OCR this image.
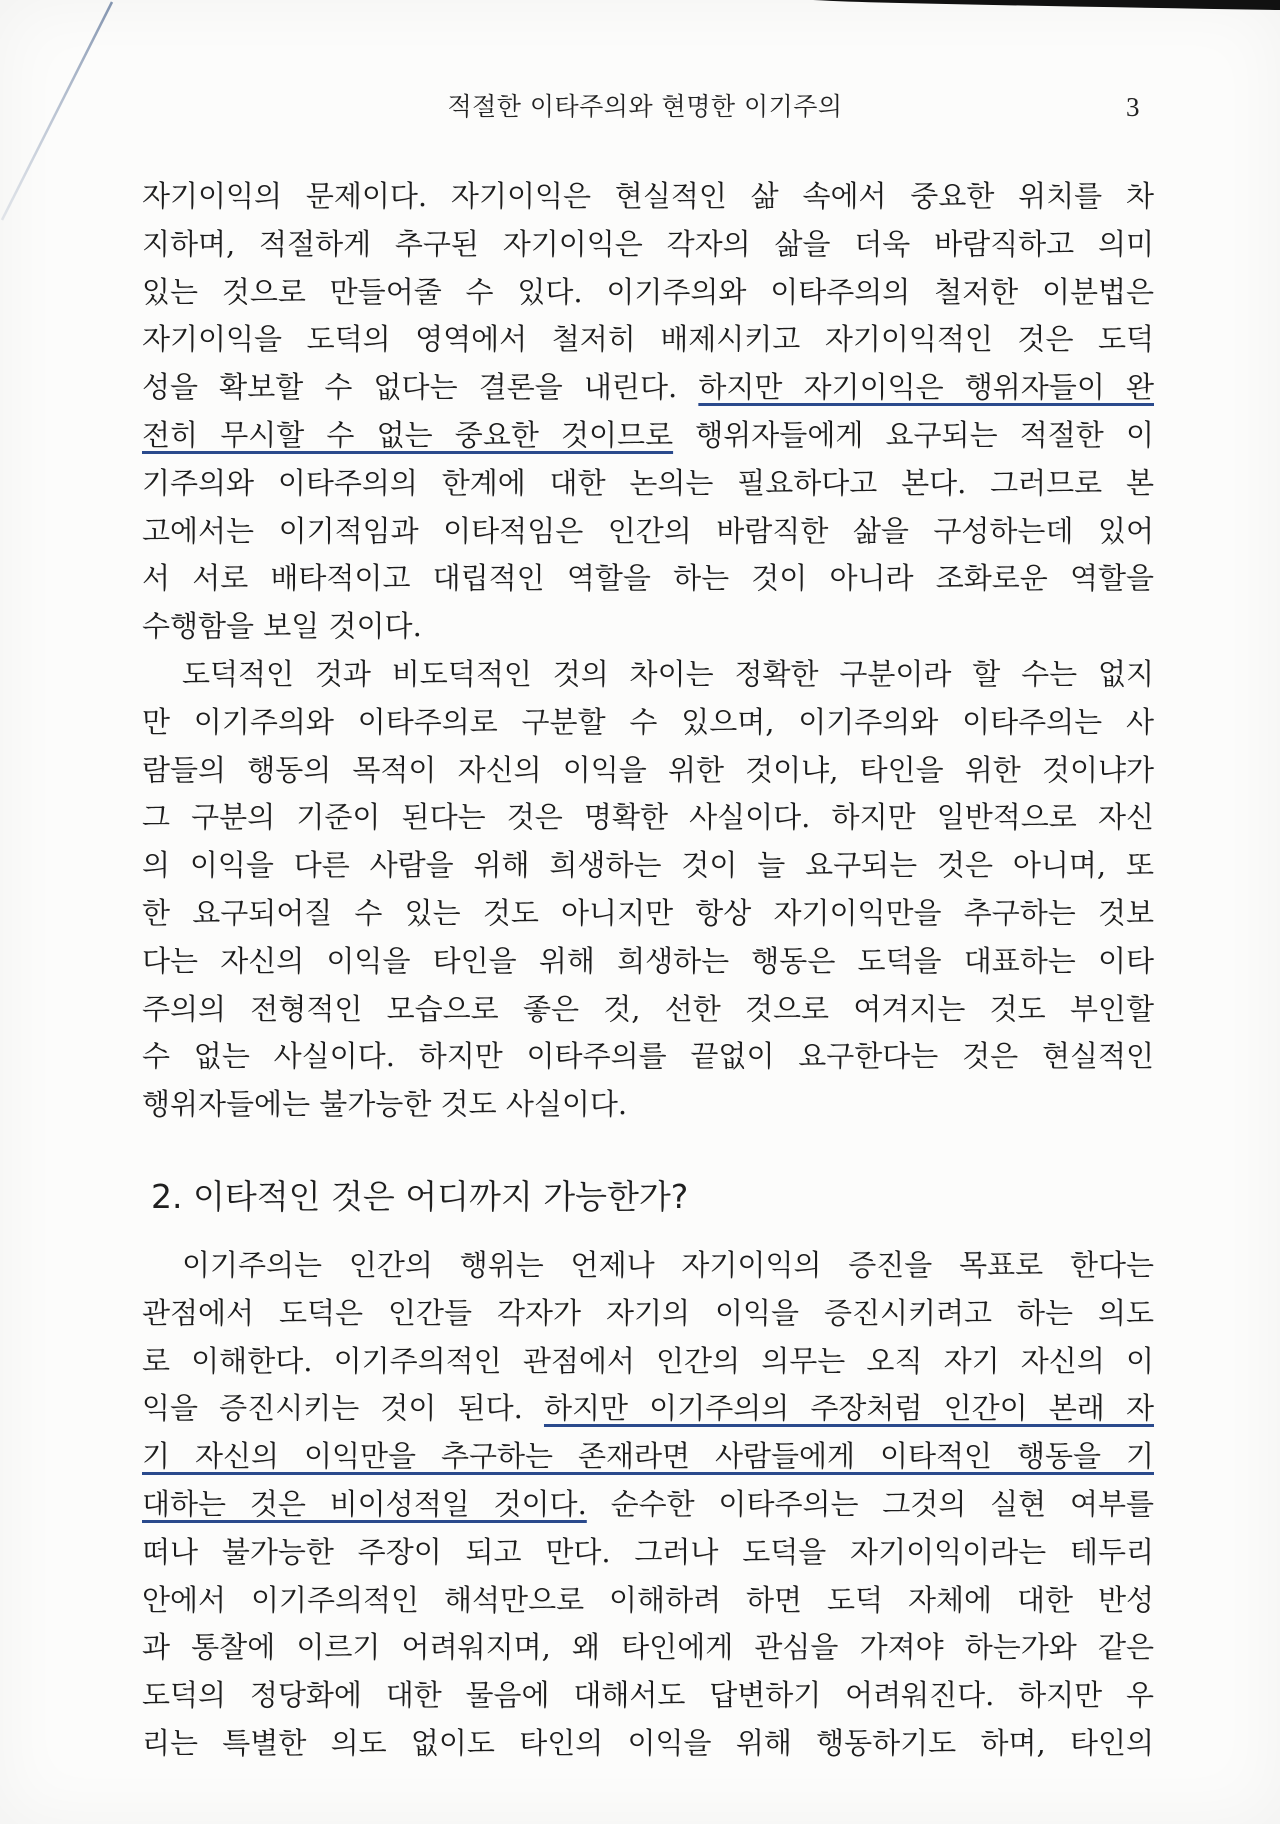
적절한 이타주의와 현명한 이기주의	3
자기이익의 문제이다. 자기이익은 현실적인 삶 속에서 중요한 위치를 차
지하며, 적절하게 추구된 자기이익은 각자의 삶을 더욱 바람직하고 의미
있는 것으로 만들어줄 수 있다. 이기주의와 이타주의의 철저한 이분법은
자기이익을 도덕의 영역에서 철저히 배제시키고 자기이익적인 것은 도덕
성을 확보할 수 없다는 결론을 내린다. 하지만 자기이익은 행위자들이 완
전히 무시할 수 없는 중요한 것이므로 행위자들에게 요구되는 적절한 이
기주의와 이타주의의 한계에 대한 논의는 필요하다고 본다. 그러므로 본
고에서는 이기적임과 이타적임은 인간의 바람직한 삶을 구성하는데 있어
서 서로 배타적이고 대립적인 역할을 하는 것이 아니라 조화로운 역할을
수행함을 보일 것이다.
도덕적인 것과 비도덕적인 것의 차이는 정확한 구분이라 할 수는 없지
만 이기주의와 이타주의로 구분할 수 있으며, 이기주의와 이타주의는 사
람들의 행동의 목적이 자신의 이익을 위한 것이냐, 타인을 위한 것이냐가
그 구분의 기준이 된다는 것은 명확한 사실이다. 하지만 일반적으로 자신
의 이익을 다른 사람을 위해 희생하는 것이 늘 요구되는 것은 아니며, 또
한 요구되어질 수 있는 것도 아니지만 항상 자기이익만을 추구하는 것보
다는 자신의 이익을 타인을 위해 희생하는 행동은 도덕을 대표하는 이타
주의의 전형적인 모습으로 좋은 것, 선한 것으로 여겨지는 것도 부인할
수 없는 사실이다. 하지만 이타주의를 끝없이 요구한다는 것은 현실적인
행위자들에는 불가능한 것도 사실이다.
2. 이타적인 것은 어디까지 가능한가?
이기주의는 인간의 행위는 언제나 자기이익의 증진을 목표로 한다는
관점에서 도덕은 인간들 각자가 자기의 이익을 증진시키려고 하는 의도
로 이해한다. 이기주의적인 관점에서 인간의 의무는 오직 자기 자신의 이
익을 증진시키는 것이 된다. 하지만 이기주의의 주장처럼 인간이 본래 자
기 자신의 이익만을 추구하는 존재라면 사람들에게 이타적인 행동을 기
대하는 것은 비이성적일 것이다. 순수한 이타주의는 그것의 실현 여부를
떠나 불가능한 주장이 되고 만다. 그러나 도덕을 자기이익이라는 테두리
안에서 이기주의적인 해석만으로 이해하려 하면 도덕 자체에 대한 반성
과 통찰에 이르기 어려워지며, 왜 타인에게 관심을 가져야 하는가와 같은
도덕의 정당화에 대한 물음에 대해서도 답변하기 어려워진다. 하지만 우
리는 특별한 의도 없이도 타인의 이익을 위해 행동하기도 하며, 타인의
